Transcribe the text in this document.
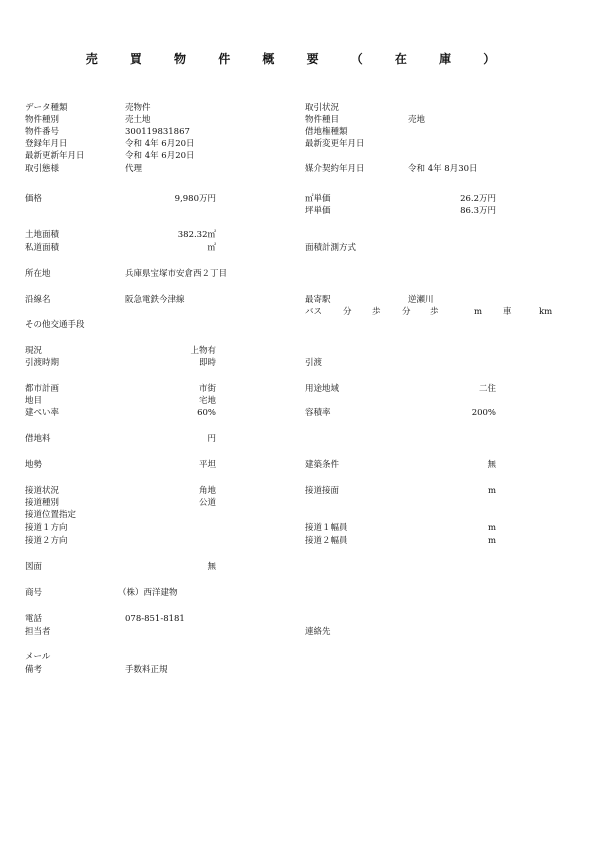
売 買 物 件 概 要 （ 在 庫 ）
データ種類	売物件	取引状況
物件種別	売土地	物件種目	売地
物件番号	300119831867	借地権種類
登録年月日	令和 4年 6月20日	最新変更年月日
最新更新年月日	令和 4年 6月20日
取引態様	代理	媒介契約年月日	令和 4年 8月30日
価格	9,980万円	㎡単価	26.2万円
坪単価	86.3万円
土地面積	382.32㎡
私道面積	㎡	面積計測方式
所在地	兵庫県宝塚市安倉西２丁目
沿線名	阪急電鉄今津線	最寄駅	逆瀬川
バス 分 歩	分 歩	m 車	km
その他交通手段
現況	上物有
引渡時期	即時	引渡
都市計画	市街	用途地域	二住
地目	宅地
建ぺい率	60%	容積率	200%
借地料	円
地勢	平坦	建築条件	無
接道状況	角地	接道接面	m
接道種別	公道
接道位置指定
接道１方向	接道１幅員	m
接道２方向	接道２幅員	m
図面	無
商号	（株）西洋建物
電話	078-851-8181
担当者	連絡先
メール
備考	手数料正規
